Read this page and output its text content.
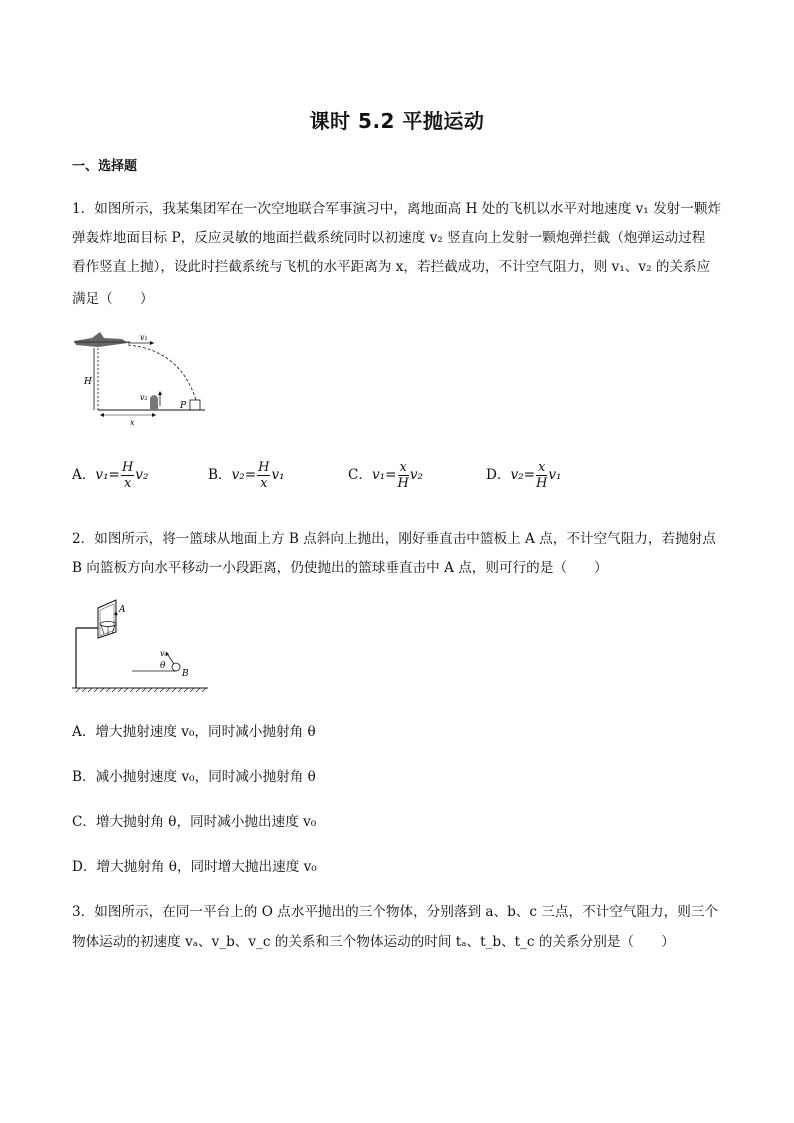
课时 5.2 平抛运动
一、选择题
1．如图所示，我某集团军在一次空地联合军事演习中，离地面高 H 处的飞机以水平对地速度 v₁ 发射一颗炸
弹轰炸地面目标 P，反应灵敏的地面拦截系统同时以初速度 v₂ 竖直向上发射一颗炮弹拦截（炮弹运动过程
看作竖直上抛），设此时拦截系统与飞机的水平距离为 x，若拦截成功，不计空气阻力，则 v₁、v₂ 的关系应
满足（　　）
v₁
H
v₂
P
x
A．$v_1= \frac{H}{x} v_2$	B．$v_2= \frac{H}{x} v_1$	C．$v_1= \frac{x}{H} v_2$	D．$v_2= \frac{x}{H} v_1$
2．如图所示，将一篮球从地面上方 B 点斜向上抛出，刚好垂直击中篮板上 A 点，不计空气阻力，若抛射点
B 向篮板方向水平移动一小段距离，仍使抛出的篮球垂直击中 A 点，则可行的是（　　）
A
v₀
θ
B
A．增大抛射速度 v₀，同时减小抛射角 θ
B．减小抛射速度 v₀，同时减小抛射角 θ
C．增大抛射角 θ，同时减小抛出速度 v₀
D．增大抛射角 θ，同时增大抛出速度 v₀
3．如图所示，在同一平台上的 O 点水平抛出的三个物体，分别落到 a、b、c 三点，不计空气阻力，则三个
物体运动的初速度 vₐ、v_b、v_c 的关系和三个物体运动的时间 tₐ、t_b、t_c 的关系分别是（　　）
